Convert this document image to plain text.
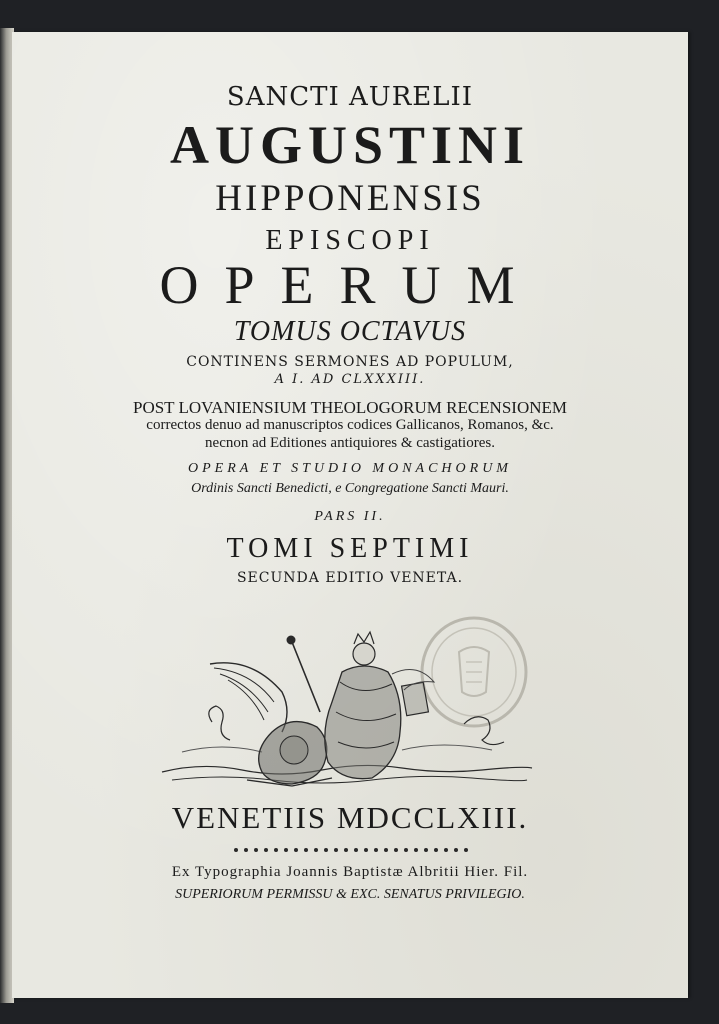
SANCTI AURELII
AUGUSTINI
HIPPONENSIS
EPISCOPI
OPERUM
TOMUS OCTAVUS
CONTINENS SERMONES AD POPULUM,
A I. AD CLXXXIII.
POST LOVANIENSIUM THEOLOGORUM RECENSIONEM
correctos denuo ad manuscriptos codices Gallicanos, Romanos, &c.
necnon ad Editiones antiquiores & castigatiores.
OPERA ET STUDIO MONACHORUM
Ordinis Sancti Benedicti, e Congregatione Sancti Mauri.
PARS II.
TOMI SEPTIMI
SECUNDA EDITIO VENETA.
VENETIIS MDCCLXIII.
Ex Typographia Joannis Baptistæ Albritii Hier. Fil.
SUPERIORUM PERMISSU & EXC. SENATUS PRIVILEGIO.
